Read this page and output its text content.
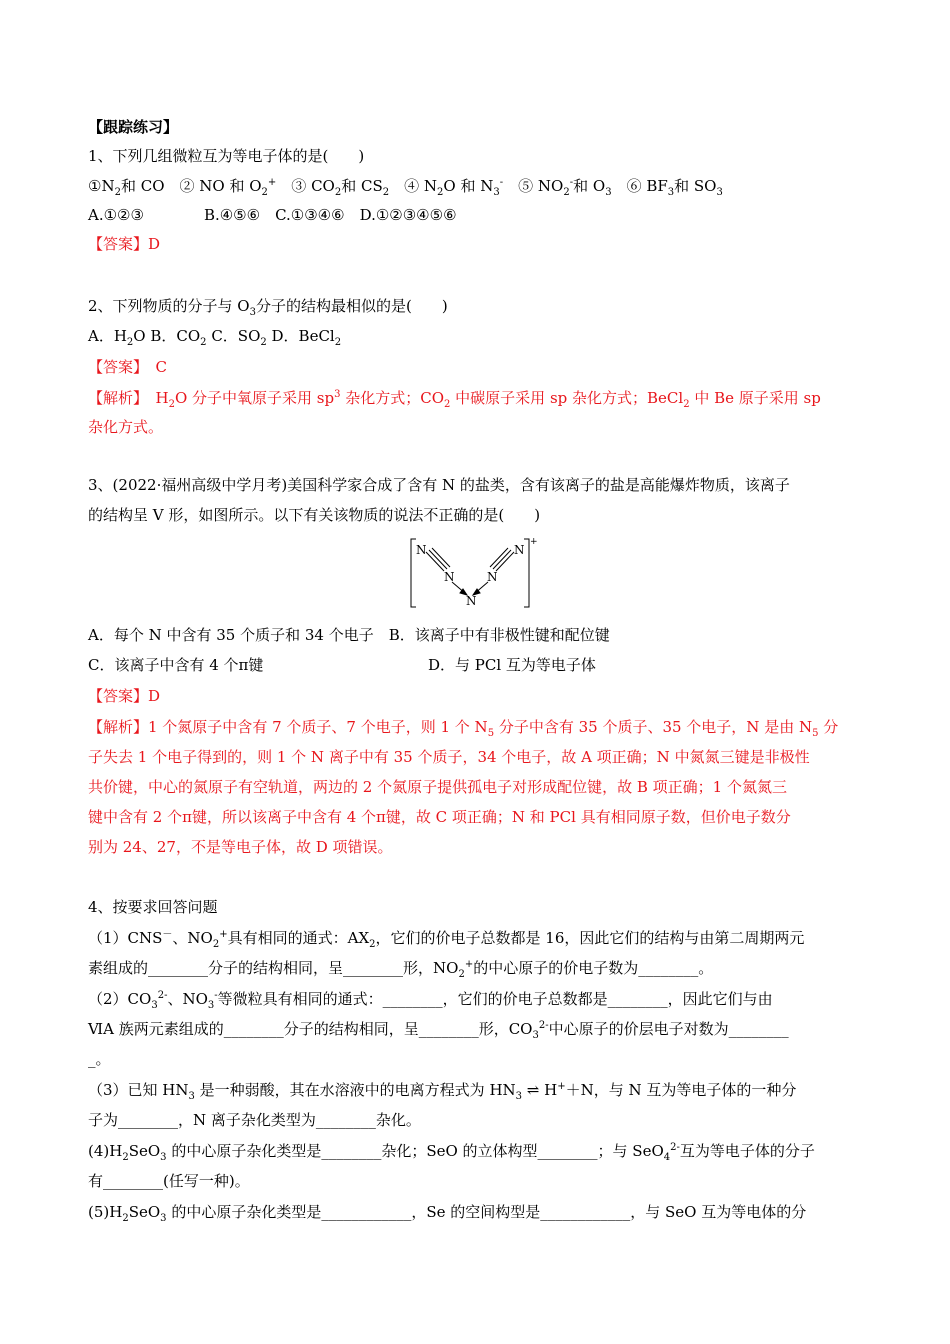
【跟踪练习】
1、下列几组微粒互为等电子体的是(　　)
$①N_2$和 CO　② NO 和 $O_2^+$　③ $CO_2$和 $CS_2$　④ $N_2O$ 和 $N_3^-$　⑤ $NO_2^-$和 $O_3$　⑥ $BF_3$和 $SO_3$
A.①②③　　　　B.④⑤⑥　C.①③④⑥　D.①②③④⑤⑥
【答案】D
2、下列物质的分子与 $O_3$分子的结构最相似的是(　　)
A．$H_2O$ B．$CO_2$ C．$SO_2$ D．BeCl$_2$
【答案】　C
【解析】　$H_2O$ 分子中氧原子采用 $sp^3$ 杂化方式；$CO_2$ 中碳原子采用 sp 杂化方式；BeCl$_2$ 中 Be 原子采用 sp
杂化方式。
3、(2022·福州高级中学月考)美国科学家合成了含有 N 的盐类，含有该离子的盐是高能爆炸物质，该离子
的结构呈 V 形，如图所示。以下有关该物质的说法不正确的是(　　)
N
N	N
N
N
+
A．每个 N 中含有 35 个质子和 34 个电子　B．该离子中有非极性键和配位键
C．该离子中含有 4 个π键	D．与 PCl 互为等电子体
【答案】D
【解析】1 个氮原子中含有 7 个质子、7 个电子，则 1 个 $N_5$ 分子中含有 35 个质子、35 个电子，N 是由 $N_5$ 分
子失去 1 个电子得到的，则 1 个 N 离子中有 35 个质子，34 个电子，故 A 项正确；N 中氮氮三键是非极性
共价键，中心的氮原子有空轨道，两边的 2 个氮原子提供孤电子对形成配位键，故 B 项正确；1 个氮氮三
键中含有 2 个π键，所以该离子中含有 4 个π键，故 C 项正确；N 和 PCl 具有相同原子数，但价电子数分
别为 24、27，不是等电子体，故 D 项错误。
4、按要求回答问题
（1）CNS－、$NO_2^+$具有相同的通式：$AX_2$，它们的价电子总数都是 16，因此它们的结构与由第二周期两元
素组成的________分子的结构相同，呈________形，$NO_2^+$的中心原子的价电子数为________。
$(2)CO_3^{2-}$、$NO_3^-$等微粒具有相同的通式：________，它们的价电子总数都是________，因此它们与由
ⅥA 族两元素组成的________分子的结构相同，呈________形，$CO_3^{2-}$中心原子的价层电子对数为________
_。
（3）已知 $HN_3$ 是一种弱酸，其在水溶液中的电离方程式为 $HN_3$ ⇌ H+＋N，与 N 互为等电子体的一种分
子为________，N 离子杂化类型为________杂化。
$(4)H_2SeO_3$ 的中心原子杂化类型是________杂化；SeO 的立体构型________；与 SeO$_4^{2-}$互为等电子体的分子
有________(任写一种)。
$(5)H_2SeO_3$ 的中心原子杂化类型是____________，Se 的空间构型是____________，与 SeO 互为等电体的分
